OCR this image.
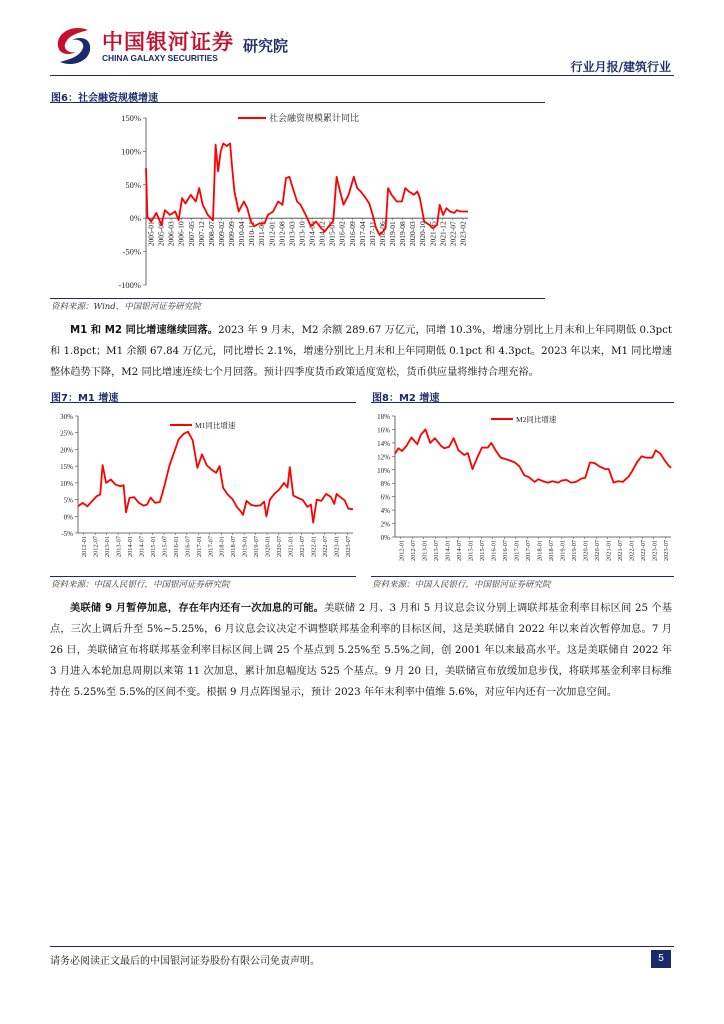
中国银河证券
CHINA GALAXY SECURITIES
研究院
行业月报/建筑行业
图6：社会融资规模增速
150%
100%
50%
0%
-50%
-100%
2005-01 2005-08 2006-03 2006-10 2007-05 2007-12 2008-07 2009-02 2009-09 2010-04 2010-11 2011-06 2012-01 2012-08 2013-03 2013-10 2014-05 2014-12 2015-07 2016-02 2016-09 2017-04 2017-11 2018-06 2019-01 2019-08 2020-03 2020-10 2021-05 2021-12 2022-07 2023-02
社会融资规模累计同比
资料来源：Wind，中国银河证券研究院
M1 和 M2 同比增速继续回落。2023 年 9 月末，M2 余额 289.67 万亿元，同增 10.3%，增速分别比上月末和上年同期低 0.3pct 和 1.8pct；M1 余额 67.84 万亿元，同比增长 2.1%，增速分别比上月末和上年同期低 0.1pct 和 4.3pct。2023 年以来，M1 同比增速整体趋势下降，M2 同比增速连续七个月回落。预计四季度货币政策适度宽松，货币供应量将维持合理充裕。
图7：M1 增速
30%
25%
20%
15%
10%
5%
0%
-5%
2012-01 2012-07 2013-01 2013-07 2014-01 2014-07 2015-01 2015-07 2016-01 2016-07 2017-01 2017-07 2018-01 2018-07 2019-01 2019-07 2020-01 2020-07 2021-01 2021-07 2022-01 2022-07 2023-01 2023-07
M1同比增速
资料来源：中国人民银行，中国银河证券研究院
图8：M2 增速
18%
16%
14%
12%
10%
8%
6%
4%
2%
0%
2012-01 2012-07 2013-01 2013-07 2014-01 2014-07 2015-01 2015-07 2016-01 2016-07 2017-01 2017-07 2018-01 2018-07 2019-01 2019-07 2020-01 2020-07 2021-01 2021-07 2022-01 2022-07 2023-01 2023-07
M2同比增速
资料来源：中国人民银行，中国银河证券研究院
美联储 9 月暂停加息，存在年内还有一次加息的可能。美联储 2 月、3 月和 5 月议息会议分别上调联邦基金利率目标区间 25 个基点，三次上调后升至 5%~5.25%，6 月议息会议决定不调整联邦基金利率的目标区间，这是美联储自 2022 年以来首次暂停加息。7 月 26 日，美联储宣布将联邦基金利率目标区间上调 25 个基点到 5.25%至 5.5%之间，创 2001 年以来最高水平。这是美联储自 2022 年 3 月进入本轮加息周期以来第 11 次加息，累计加息幅度达 525 个基点。9 月 20 日，美联储宣布放缓加息步伐，将联邦基金利率目标维持在 5.25%至 5.5%的区间不变。根据 9 月点阵图显示，预计 2023 年年末利率中值维 5.6%，对应年内还有一次加息空间。
请务必阅读正文最后的中国银河证券股份有限公司免责声明。	5
